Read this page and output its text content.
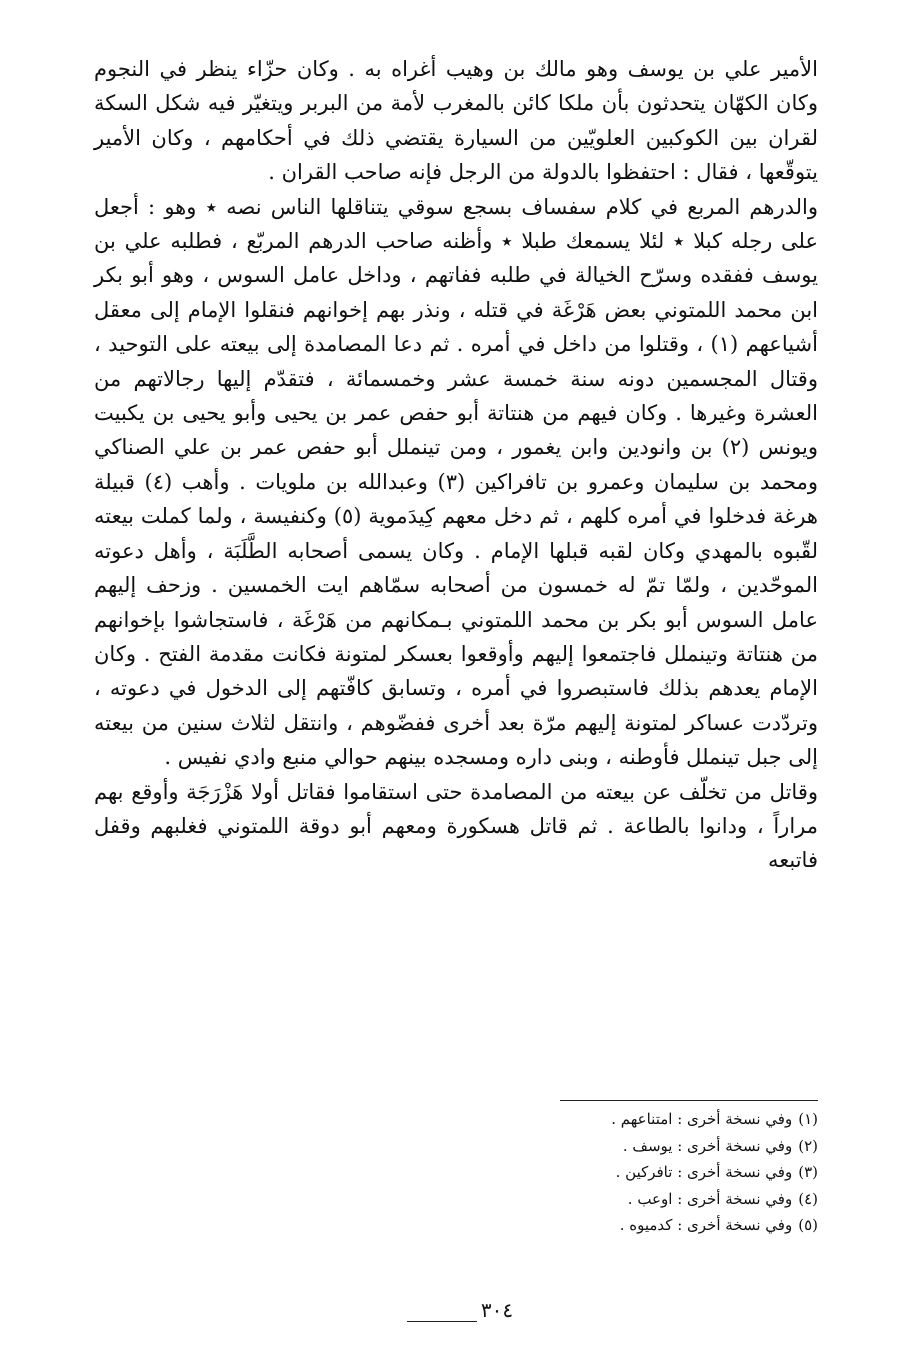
الأمير علي بن يوسف وهو مالك بن وهيب أغراه به . وكان حزّاء ينظر في النجوم وكان الكهّان يتحدثون بأن ملكا كائن بالمغرب لأمة من البربر ويتغيّر فيه شكل السكة لقران بين الكوكبين العلويّين من السيارة يقتضي ذلك في أحكامهم ، وكان الأمير يتوقّعها ، فقال : احتفظوا بالدولة من الرجل فإنه صاحب القران .

والدرهم المربع في كلام سفساف بسجع سوقي يتناقلها الناس نصه ٭ وهو : أجعل على رجله كبلا ٭ لئلا يسمعك طبلا ٭ وأظنه صاحب الدرهم المربّع ، فطلبه علي بن يوسف ففقده وسرّح الخيالة في طلبه ففاتهم ، وداخل عامل السوس ، وهو أبو بكر ابن محمد اللمتوني بعض هَرْغَة في قتله ، ونذر بهم إخوانهم فنقلوا الإمام إلى معقل أشياعهم (١) ، وقتلوا من داخل في أمره . ثم دعا المصامدة إلى بيعته على التوحيد ، وقتال المجسمين دونه سنة خمسة عشر وخمسمائة ، فتقدّم إليها رجالاتهم من العشرة وغيرها . وكان فيهم من هنتاتة أبو حفص عمر بن يحيى وأبو يحيى بن يكبيت ويونس (٢) بن وانودين وابن يغمور ، ومن تينملل أبو حفص عمر بن علي الصناكي ومحمد بن سليمان وعمرو بن تافراكين (٣) وعبدالله بن ملويات . وأهب (٤) قبيلة هرغة فدخلوا في أمره كلهم ، ثم دخل معهم كِيدَموية (٥) وكنفيسة ، ولما كملت بيعته لقّبوه بالمهدي وكان لقبه قبلها الإمام . وكان يسمى أصحابه الطَّلَبَة ، وأهل دعوته الموحّدين ، ولمّا تمّ له خمسون من أصحابه سمّاهم ايت الخمسين . وزحف إليهم عامل السوس أبو بكر بن محمد اللمتوني بـمكانهم من هَرْغَة ، فاستجاشوا بإخوانهم من هنتاتة وتينملل فاجتمعوا إليهم وأوقعوا بعسكر لمتونة فكانت مقدمة الفتح . وكان الإمام يعدهم بذلك فاستبصروا في أمره ، وتسابق كافّتهم إلى الدخول في دعوته ، وتردّدت عساكر لمتونة إليهم مرّة بعد أخرى ففضّوهم ، وانتقل لثلاث سنين من بيعته إلى جبل تينملل فأوطنه ، وبنى داره ومسجده بينهم حوالي منبع وادي نفيس .

وقاتل من تخلّف عن بيعته من المصامدة حتى استقاموا فقاتل أولا هَزْرَجَة وأوقع بهم مراراً ، ودانوا بالطاعة . ثم قاتل هسكورة ومعهم أبو دوقة اللمتوني فغلبهم وقفل فاتبعه

(١)وفي نسخة أخرى : امتناعهم .
(٢)وفي نسخة أخرى : يوسف .
(٣)وفي نسخة أخرى : تافركين .
(٤)وفي نسخة أخرى : اوعب .
(٥)وفي نسخة أخرى : كدميوه .
٣٠٤
